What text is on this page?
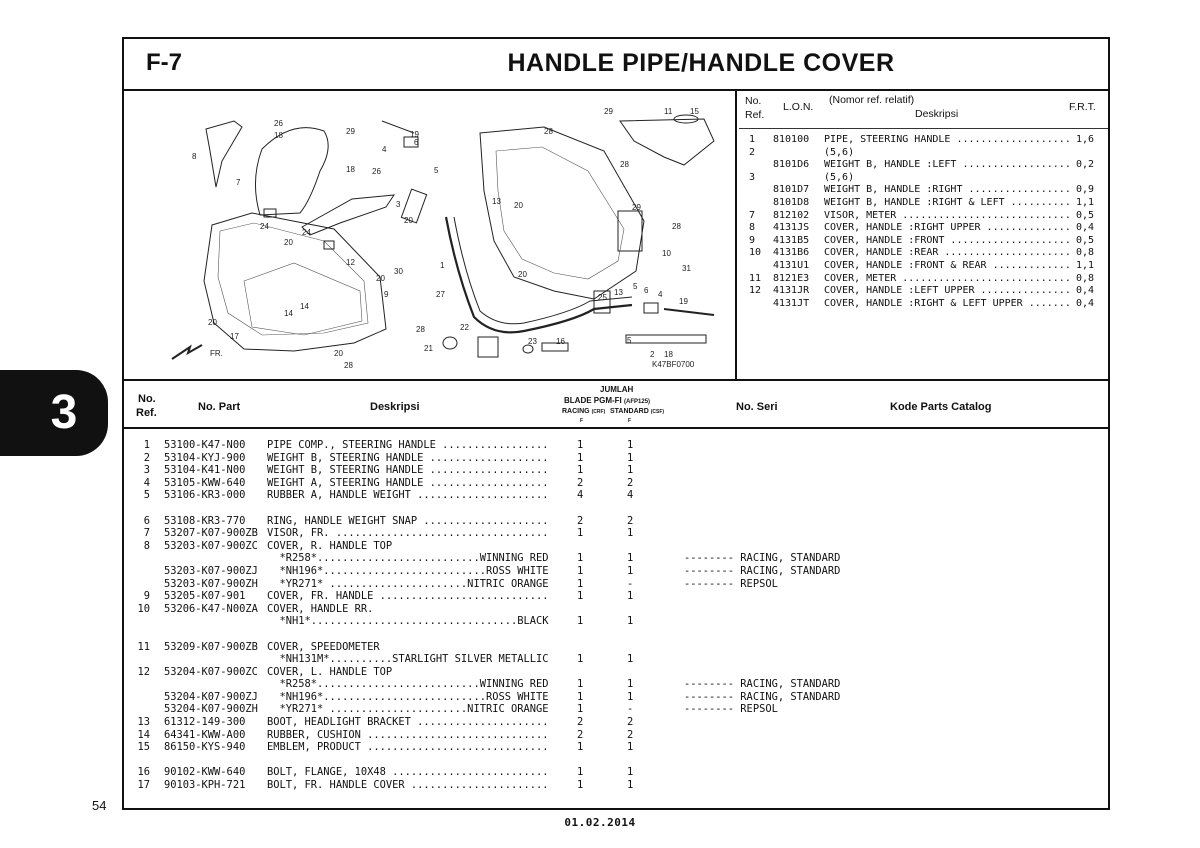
3
54
F-7	HANDLE PIPE/HANDLE COVER
26
18
8
7
29
4
6
19	28
5
3
18 26
20
24
20
24
12
20
30
1
9
14
14
20
17
27
22
21
23 16
20
28
28
FR.
29	11 15
28
13 20	29
28
10
31
20
25
13
5 6 4
19
5
2 18
K47BF0700
No.
Ref.
L.O.N.
(Nomor ref. relatif)
Deskripsi
F.R.T.
1 810100 PIPE, STEERING HANDLE ................... 1,6
2	(5,6)
8101D6 WEIGHT B, HANDLE :LEFT .................. 0,2
3	(5,6)
8101D7 WEIGHT B, HANDLE :RIGHT ................. 0,9
8101D8 WEIGHT B, HANDLE :RIGHT & LEFT .......... 1,1
7 812102 VISOR, METER ............................ 0,5
8 4131JS COVER, HANDLE :RIGHT UPPER .............. 0,4
9 4131B5 COVER, HANDLE :FRONT .................... 0,5
10 4131B6 COVER, HANDLE :REAR ..................... 0,8
4131U1 COVER, HANDLE :FRONT & REAR ............. 1,1
11 8121E3 COVER, METER ............................ 0,8
12 4131JR COVER, HANDLE :LEFT UPPER ............... 0,4
4131JT COVER, HANDLE :RIGHT & LEFT UPPER ....... 0,4
No.
Ref.	No. Part	Deskripsi
JUMLAH
BLADE PGM-FI (AFP125)
RACING (CRF) STANDARD (CSF)
F	F
No. Seri	Kode Parts Catalog
1 53100-K47-N00 PIPE COMP., STEERING HANDLE .................	1	1
2 53104-KYJ-900 WEIGHT B, STEERING HANDLE ...................	1	1
3 53104-K41-N00 WEIGHT B, STEERING HANDLE ...................	1	1
4 53105-KWW-640 WEIGHT A, STEERING HANDLE ...................	2	2
5 53106-KR3-000 RUBBER A, HANDLE WEIGHT .....................	4	4
6 53108-KR3-770 RING, HANDLE WEIGHT SNAP ....................	2	2
7 53207-K07-900ZB VISOR, FR. ..................................	1	1
8 53203-K07-900ZC COVER, R. HANDLE TOP
*R258*..........................WINNING RED	1	1	-------- RACING, STANDARD
53203-K07-900ZJ *NH196*..........................ROSS WHITE	1	1	-------- RACING, STANDARD
53203-K07-900ZH *YR271* ......................NITRIC ORANGE	1	-	-------- REPSOL
9 53205-K07-901 COVER, FR. HANDLE ...........................	1	1
10 53206-K47-N00ZA COVER, HANDLE RR.
*NH1*.................................BLACK	1	1
11 53209-K07-900ZB COVER, SPEEDOMETER
*NH131M*..........STARLIGHT SILVER METALLIC	1	1
12 53204-K07-900ZC COVER, L. HANDLE TOP
*R258*..........................WINNING RED	1	1	-------- RACING, STANDARD
53204-K07-900ZJ *NH196*..........................ROSS WHITE	1	1	-------- RACING, STANDARD
53204-K07-900ZH *YR271* ......................NITRIC ORANGE	1	-	-------- REPSOL
13 61312-149-300 BOOT, HEADLIGHT BRACKET .....................	2	2
14 64341-KWW-A00 RUBBER, CUSHION .............................	2	2
15 86150-KYS-940 EMBLEM, PRODUCT .............................	1	1
16 90102-KWW-640 BOLT, FLANGE, 10X48 .........................	1	1
17 90103-KPH-721 BOLT, FR. HANDLE COVER ......................	1	1
01.02.2014
